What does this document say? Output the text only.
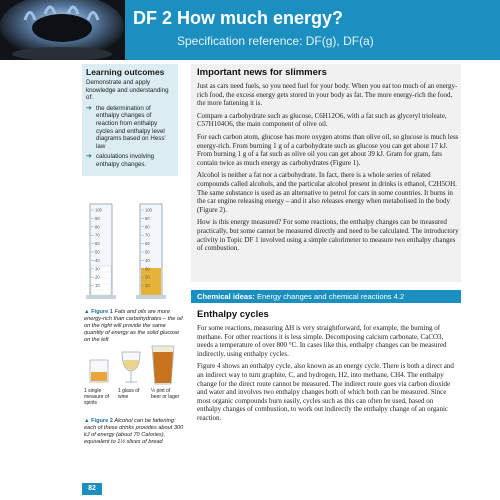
DF 2 How much energy?
Specification reference: DF(g), DF(a)
Learning outcomes
Demonstrate and apply knowledge and understanding of:
➔ the determination of enthalpy changes of reaction from enthalpy cycles and enthalpy level diagrams based on Hess' law
➔ calculations involving enthalpy changes.
100
90
80
70
60
50
40
30
20
10
100
90
80
70
60
50
40
30
20
10
▲ Figure 1 Fats and oils are more energy-rich than carbohydrates – the oil on the right will provide the same quantity of energy as the solid glucose on the left
1 single measure of spirits
1 glass of wine
½ pint of beer or lager
▲ Figure 2 Alcohol can be fattening: each of these drinks provides about 300 kJ of energy (about 70 Calories), equivalent to 1½ slices of bread
82
Important news for slimmers
Just as cars need fuels, so you need fuel for your body. When you eat too much of an energy-rich food, the excess energy gets stored in your body as fat. The more energy-rich the food, the more fattening it is.
Compare a carbohydrate such as glucose, C6H12O6, with a fat such as glyceryl trioleate, C57H104O6, the main component of olive oil.
For each carbon atom, glucose has more oxygen atoms than olive oil, so glucose is much less energy-rich. From burning 1 g of a carbohydrate such as glucose you can get about 17 kJ. From burning 1 g of a fat such as olive oil you can get about 39 kJ. Gram for gram, fats contain twice as much energy as carbohydrates (Figure 1).
Alcohol is neither a fat nor a carbohydrate. In fact, there is a whole series of related compounds called alcohols, and the particular alcohol present in drinks is ethanol, C2H5OH. The same substance is used as an alternative to petrol for cars in some countries. It burns in the car engine releasing energy – and it also releases energy when metabolised in the body (Figure 2).
How is this energy measured? For some reactions, the enthalpy changes can be measured practically, but some cannot be measured directly and need to be calculated. The introductory activity in Topic DF 1 involved using a simple calorimeter to measure two enthalpy changes of combustion.
Chemical ideas: Energy changes and chemical reactions 4.2
Enthalpy cycles
For some reactions, measuring ΔH is very straightforward, for example, the burning of methane. For other reactions it is less simple. Decomposing calcium carbonate, CaCO3, needs a temperature of over 800 °C. In cases like this, enthalpy changes can be measured indirectly, using enthalpy cycles.
Figure 4 shows an enthalpy cycle, also known as an energy cycle. There is both a direct and an indirect way to turn graphite, C, and hydrogen, H2, into methane, CH4. The enthalpy change for the direct route cannot be measured. The indirect route goes via carbon dioxide and water and involves two enthalpy changes both of which both can be measured. Since most organic compounds burn easily, cycles such as this can often be used, based on enthalpy changes of combustion, to work out indirectly the enthalpy change of an organic reaction.
